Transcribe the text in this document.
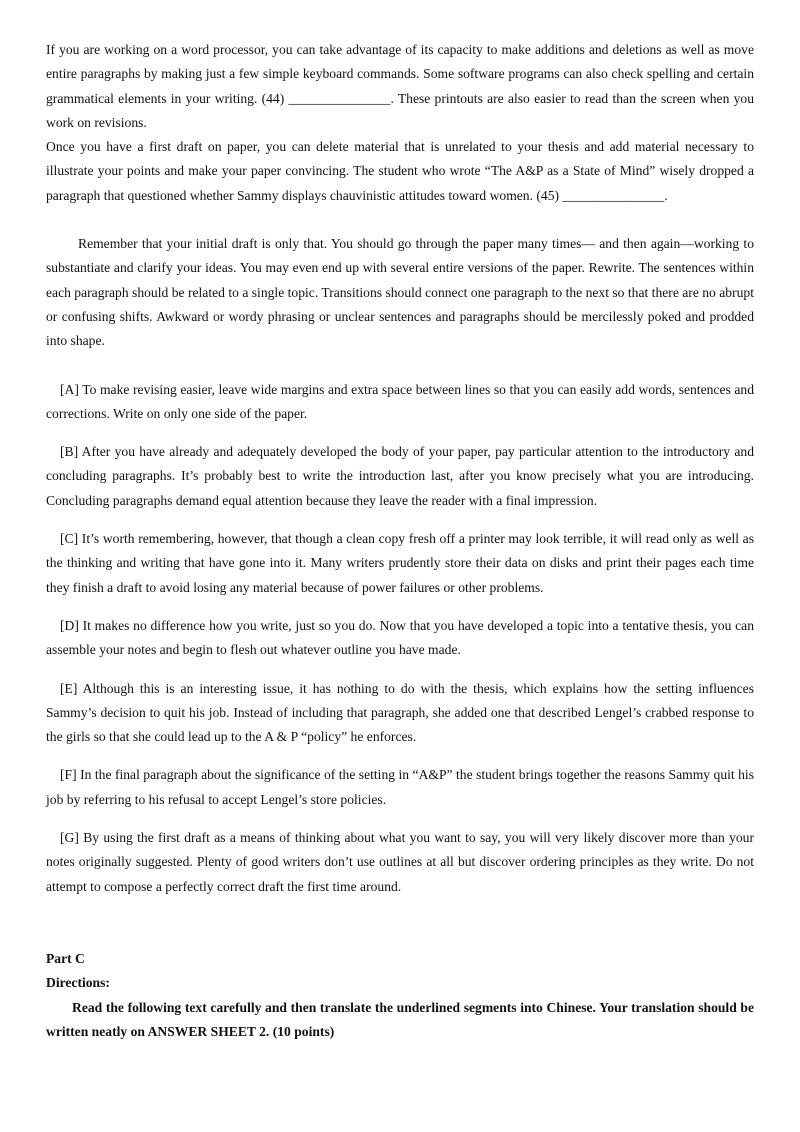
If you are working on a word processor, you can take advantage of its capacity to make additions and deletions as well as move entire paragraphs by making just a few simple keyboard commands. Some software programs can also check spelling and certain grammatical elements in your writing. (44) _______________. These printouts are also easier to read than the screen when you work on revisions.

Once you have a first draft on paper, you can delete material that is unrelated to your thesis and add material necessary to illustrate your points and make your paper convincing. The student who wrote “The A&P as a State of Mind” wisely dropped a paragraph that questioned whether Sammy displays chauvinistic attitudes toward women. (45) _______________.

Remember that your initial draft is only that. You should go through the paper many times— and then again—working to substantiate and clarify your ideas. You may even end up with several entire versions of the paper. Rewrite. The sentences within each paragraph should be related to a single topic. Transitions should connect one paragraph to the next so that there are no abrupt or confusing shifts. Awkward or wordy phrasing or unclear sentences and paragraphs should be mercilessly poked and prodded into shape.

[A] To make revising easier, leave wide margins and extra space between lines so that you can easily add words, sentences and corrections. Write on only one side of the paper.

[B] After you have already and adequately developed the body of your paper, pay particular attention to the introductory and concluding paragraphs. It’s probably best to write the introduction last, after you know precisely what you are introducing. Concluding paragraphs demand equal attention because they leave the reader with a final impression.

[C] It’s worth remembering, however, that though a clean copy fresh off a printer may look terrible, it will read only as well as the thinking and writing that have gone into it. Many writers prudently store their data on disks and print their pages each time they finish a draft to avoid losing any material because of power failures or other problems.

[D] It makes no difference how you write, just so you do. Now that you have developed a topic into a tentative thesis, you can assemble your notes and begin to flesh out whatever outline you have made.

[E] Although this is an interesting issue, it has nothing to do with the thesis, which explains how the setting influences Sammy’s decision to quit his job. Instead of including that paragraph, she added one that described Lengel’s crabbed response to the girls so that she could lead up to the A & P “policy” he enforces.

[F] In the final paragraph about the significance of the setting in “A&P” the student brings together the reasons Sammy quit his job by referring to his refusal to accept Lengel’s store policies.

[G] By using the first draft as a means of thinking about what you want to say, you will very likely discover more than your notes originally suggested. Plenty of good writers don’t use outlines at all but discover ordering principles as they write. Do not attempt to compose a perfectly correct draft the first time around.

Part C

Directions:

Read the following text carefully and then translate the underlined segments into Chinese. Your translation should be written neatly on ANSWER SHEET 2. (10 points)
